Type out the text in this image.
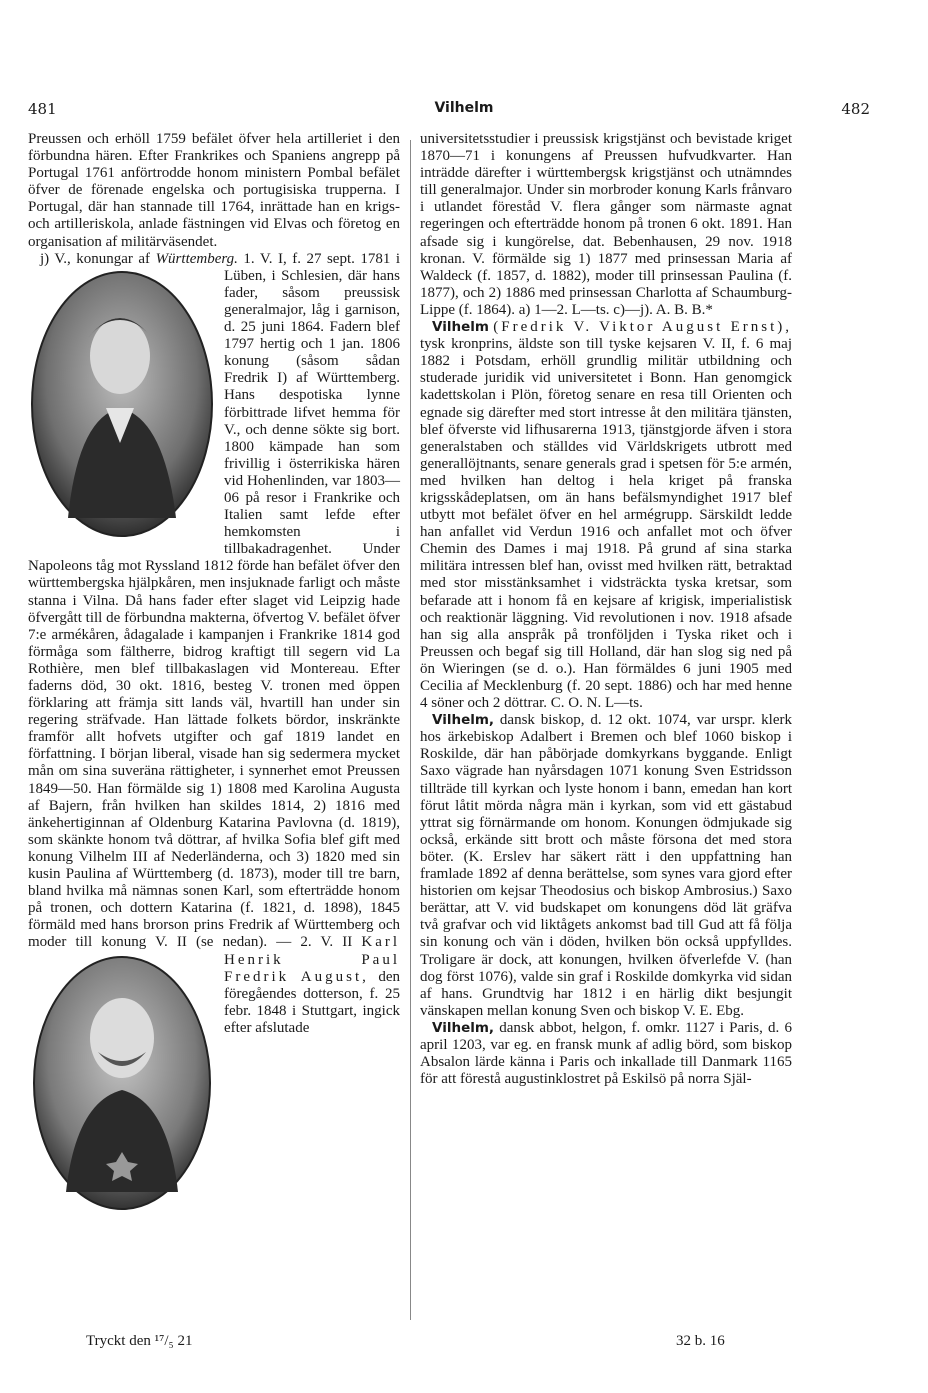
481	Vilhelm	482

Preussen och erhöll 1759 befälet öfver hela artilleriet i den förbundna hären. Efter Frankrikes och Spaniens angrepp på Portugal 1761 anförtrodde honom ministern Pombal befälet öfver de förenade engelska och portugisiska trupperna. I Portugal, där han stannade till 1764, inrättade han en krigs- och artilleriskola, anlade fästningen vid Elvas och företog en organisation af militärväsendet.

j) V., konungar af Württemberg. 1. V. I, f. 27 sept. 1781 i Lüben, i Schlesien, där hans fader, såsom preussisk generalmajor, låg i garnison, d. 25 juni 1864. Fadern blef 1797 hertig och 1 jan. 1806 konung (såsom sådan Fredrik I) af Württemberg. Hans despotiska lynne förbittrade lifvet hemma för V., och denne sökte sig bort. 1800 kämpade han som frivillig i österrikiska hären vid Hohenlinden, var 1803—06 på resor i Frankrike och Italien samt lefde efter hemkomsten i tillbakadragenhet. Under Napoleons tåg mot Ryssland 1812 förde han befälet öfver den württembergska hjälpkåren, men insjuknade farligt och måste stanna i Vilna. Då hans fader efter slaget vid Leipzig hade öfvergått till de förbundna makterna, öfvertog V. befälet öfver 7:e armékåren, ådagalade i kampanjen i Frankrike 1814 god förmåga som fältherre, bidrog kraftigt till segern vid La Rothière, men blef tillbakaslagen vid Montereau. Efter faderns död, 30 okt. 1816, besteg V. tronen med öppen förklaring att främja sitt lands väl, hvartill han under sin regering sträfvade. Han lättade folkets bördor, inskränkte framför allt hofvets utgifter och gaf 1819 landet en författning. I början liberal, visade han sig sedermera mycket mån om sina suveräna rättigheter, i synnerhet emot Preussen 1849—50. Han förmälde sig 1) 1808 med Karolina Augusta af Bajern, från hvilken han skildes 1814, 2) 1816 med änkehertiginnan af Oldenburg Katarina Pavlovna (d. 1819), som skänkte honom två döttrar, af hvilka Sofia blef gift med konung Vilhelm III af Nederländerna, och 3) 1820 med sin kusin Paulina af Württemberg (d. 1873), moder till tre barn, bland hvilka må nämnas sonen Karl, som efterträdde honom på tronen, och dottern Katarina (f. 1821, d. 1898), 1845 förmäld med hans brorson prins Fredrik af Württemberg och moder till konung V. II (se nedan). — 2. V. II Karl Henrik Paul Fredrik August, den föregåendes dotterson, f. 25 febr. 1848 i Stuttgart, ingick efter afslutade

universitetsstudier i preussisk krigstjänst och bevistade kriget 1870—71 i konungens af Preussen hufvudkvarter. Han inträdde därefter i württembergsk krigstjänst och utnämndes till generalmajor. Under sin morbroder konung Karls frånvaro i utlandet föreståd V. flera gånger som närmaste agnat regeringen och efterträdde honom på tronen 6 okt. 1891. Han afsade sig i kungörelse, dat. Bebenhausen, 29 nov. 1918 kronan. V. förmälde sig 1) 1877 med prinsessan Maria af Waldeck (f. 1857, d. 1882), moder till prinsessan Paulina (f. 1877), och 2) 1886 med prinsessan Charlotta af Schaumburg-Lippe (f. 1864). a) 1—2. L—ts. c)—j). A. B. B.*

Vilhelm (Fredrik V. Viktor August Ernst), tysk kronprins, äldste son till tyske kejsaren V. II, f. 6 maj 1882 i Potsdam, erhöll grundlig militär utbildning och studerade juridik vid universitetet i Bonn. Han genomgick kadettskolan i Plön, företog senare en resa till Orienten och egnade sig därefter med stort intresse åt den militära tjänsten, blef öfverste vid lifhusarerna 1913, tjänstgjorde äfven i stora generalstaben och ställdes vid Världskrigets utbrott med generallöjtnants, senare generals grad i spetsen för 5:e armén, med hvilken han deltog i hela kriget på franska krigsskådeplatsen, om än hans befälsmyndighet 1917 blef utbytt mot befälet öfver en hel armégrupp. Särskildt ledde han anfallet vid Verdun 1916 och anfallet mot och öfver Chemin des Dames i maj 1918. På grund af sina starka militära intressen blef han, ovisst med hvilken rätt, betraktad med stor misstänksamhet i vidsträckta tyska kretsar, som befarade att i honom få en kejsare af krigisk, imperialistisk och reaktionär läggning. Vid revolutionen i nov. 1918 afsade han sig alla anspråk på tronföljden i Tyska riket och i Preussen och begaf sig till Holland, där han slog sig ned på ön Wieringen (se d. o.). Han förmäldes 6 juni 1905 med Cecilia af Mecklenburg (f. 20 sept. 1886) och har med henne 4 söner och 2 döttrar. C. O. N. L—ts.

Vilhelm, dansk biskop, d. 12 okt. 1074, var urspr. klerk hos ärkebiskop Adalbert i Bremen och blef 1060 biskop i Roskilde, där han påbörjade domkyrkans byggande. Enligt Saxo vägrade han nyårsdagen 1071 konung Sven Estridsson tillträde till kyrkan och lyste honom i bann, emedan han kort förut låtit mörda några män i kyrkan, som vid ett gästabud yttrat sig förnärmande om honom. Konungen ödmjukade sig också, erkände sitt brott och måste försona det med stora böter. (K. Erslev har säkert rätt i den uppfattning han framlade 1892 af denna berättelse, som synes vara gjord efter historien om kejsar Theodosius och biskop Ambrosius.) Saxo berättar, att V. vid budskapet om konungens död lät gräfva två grafvar och vid liktågets ankomst bad till Gud att få följa sin konung och vän i döden, hvilken bön också uppfylldes. Troligare är dock, att konungen, hvilken öfverlefde V. (han dog först 1076), valde sin graf i Roskilde domkyrka vid sidan af hans. Grundtvig har 1812 i en härlig dikt besjungit vänskapen mellan konung Sven och biskop V. E. Ebg.

Vilhelm, dansk abbot, helgon, f. omkr. 1127 i Paris, d. 6 april 1203, var eg. en fransk munk af adlig börd, som biskop Absalon lärde känna i Paris och inkallade till Danmark 1165 för att förestå augustinklostret på Eskilsö på norra Själ-

Tryckt den ¹⁷/₅ 21	32 b. 16
